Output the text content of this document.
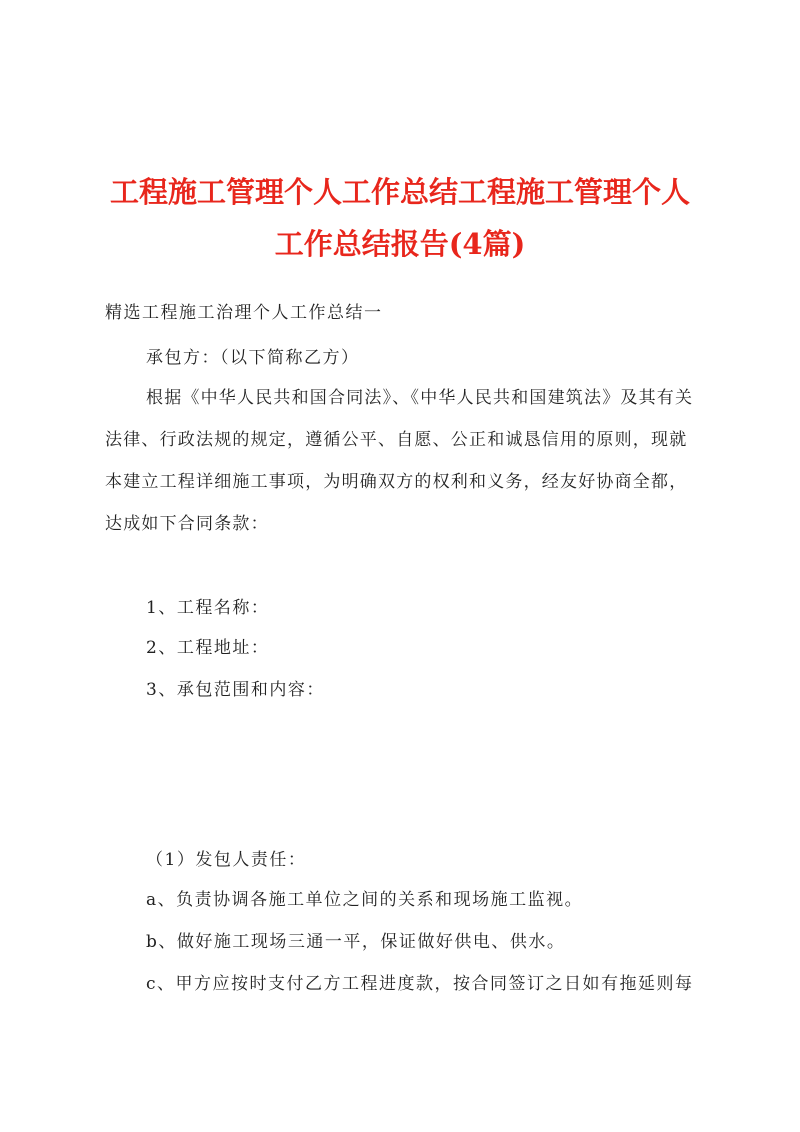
工程施工管理个人工作总结工程施工管理个人
工作总结报告(4篇)
精选工程施工治理个人工作总结一
承包方：（以下简称乙方）
根据《中华人民共和国合同法》、《中华人民共和国建筑法》及其有关
法律、行政法规的规定，遵循公平、自愿、公正和诚恳信用的原则，现就
本建立工程详细施工事项，为明确双方的权利和义务，经友好协商全都，
达成如下合同条款：
1、工程名称：
2、工程地址：
3、承包范围和内容：
（1）发包人责任：
a、负责协调各施工单位之间的关系和现场施工监视。
b、做好施工现场三通一平，保证做好供电、供水。
c、甲方应按时支付乙方工程进度款，按合同签订之日如有拖延则每
